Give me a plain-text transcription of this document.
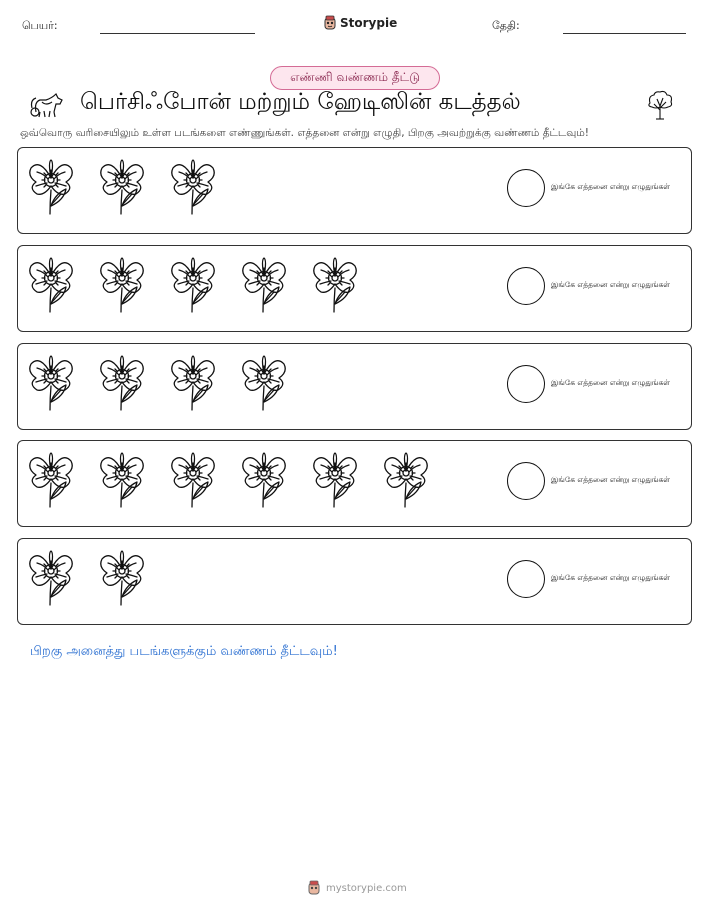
பெயர்:	Storypie	தேதி:
எண்ணி வண்ணம் தீட்டு
பெர்சிஃபோன் மற்றும் ஹேடிஸின் கடத்தல்
ஒவ்வொரு வரிசையிலும் உள்ள படங்களை எண்ணுங்கள். எத்தனை என்று எழுதி, பிறகு அவற்றுக்கு வண்ணம் தீட்டவும்!
இங்கே எத்தனை என்று எழுதுங்கள்
இங்கே எத்தனை என்று எழுதுங்கள்
இங்கே எத்தனை என்று எழுதுங்கள்
இங்கே எத்தனை என்று எழுதுங்கள்
இங்கே எத்தனை என்று எழுதுங்கள்
பிறகு அனைத்து படங்களுக்கும் வண்ணம் தீட்டவும்!
mystorypie.com
